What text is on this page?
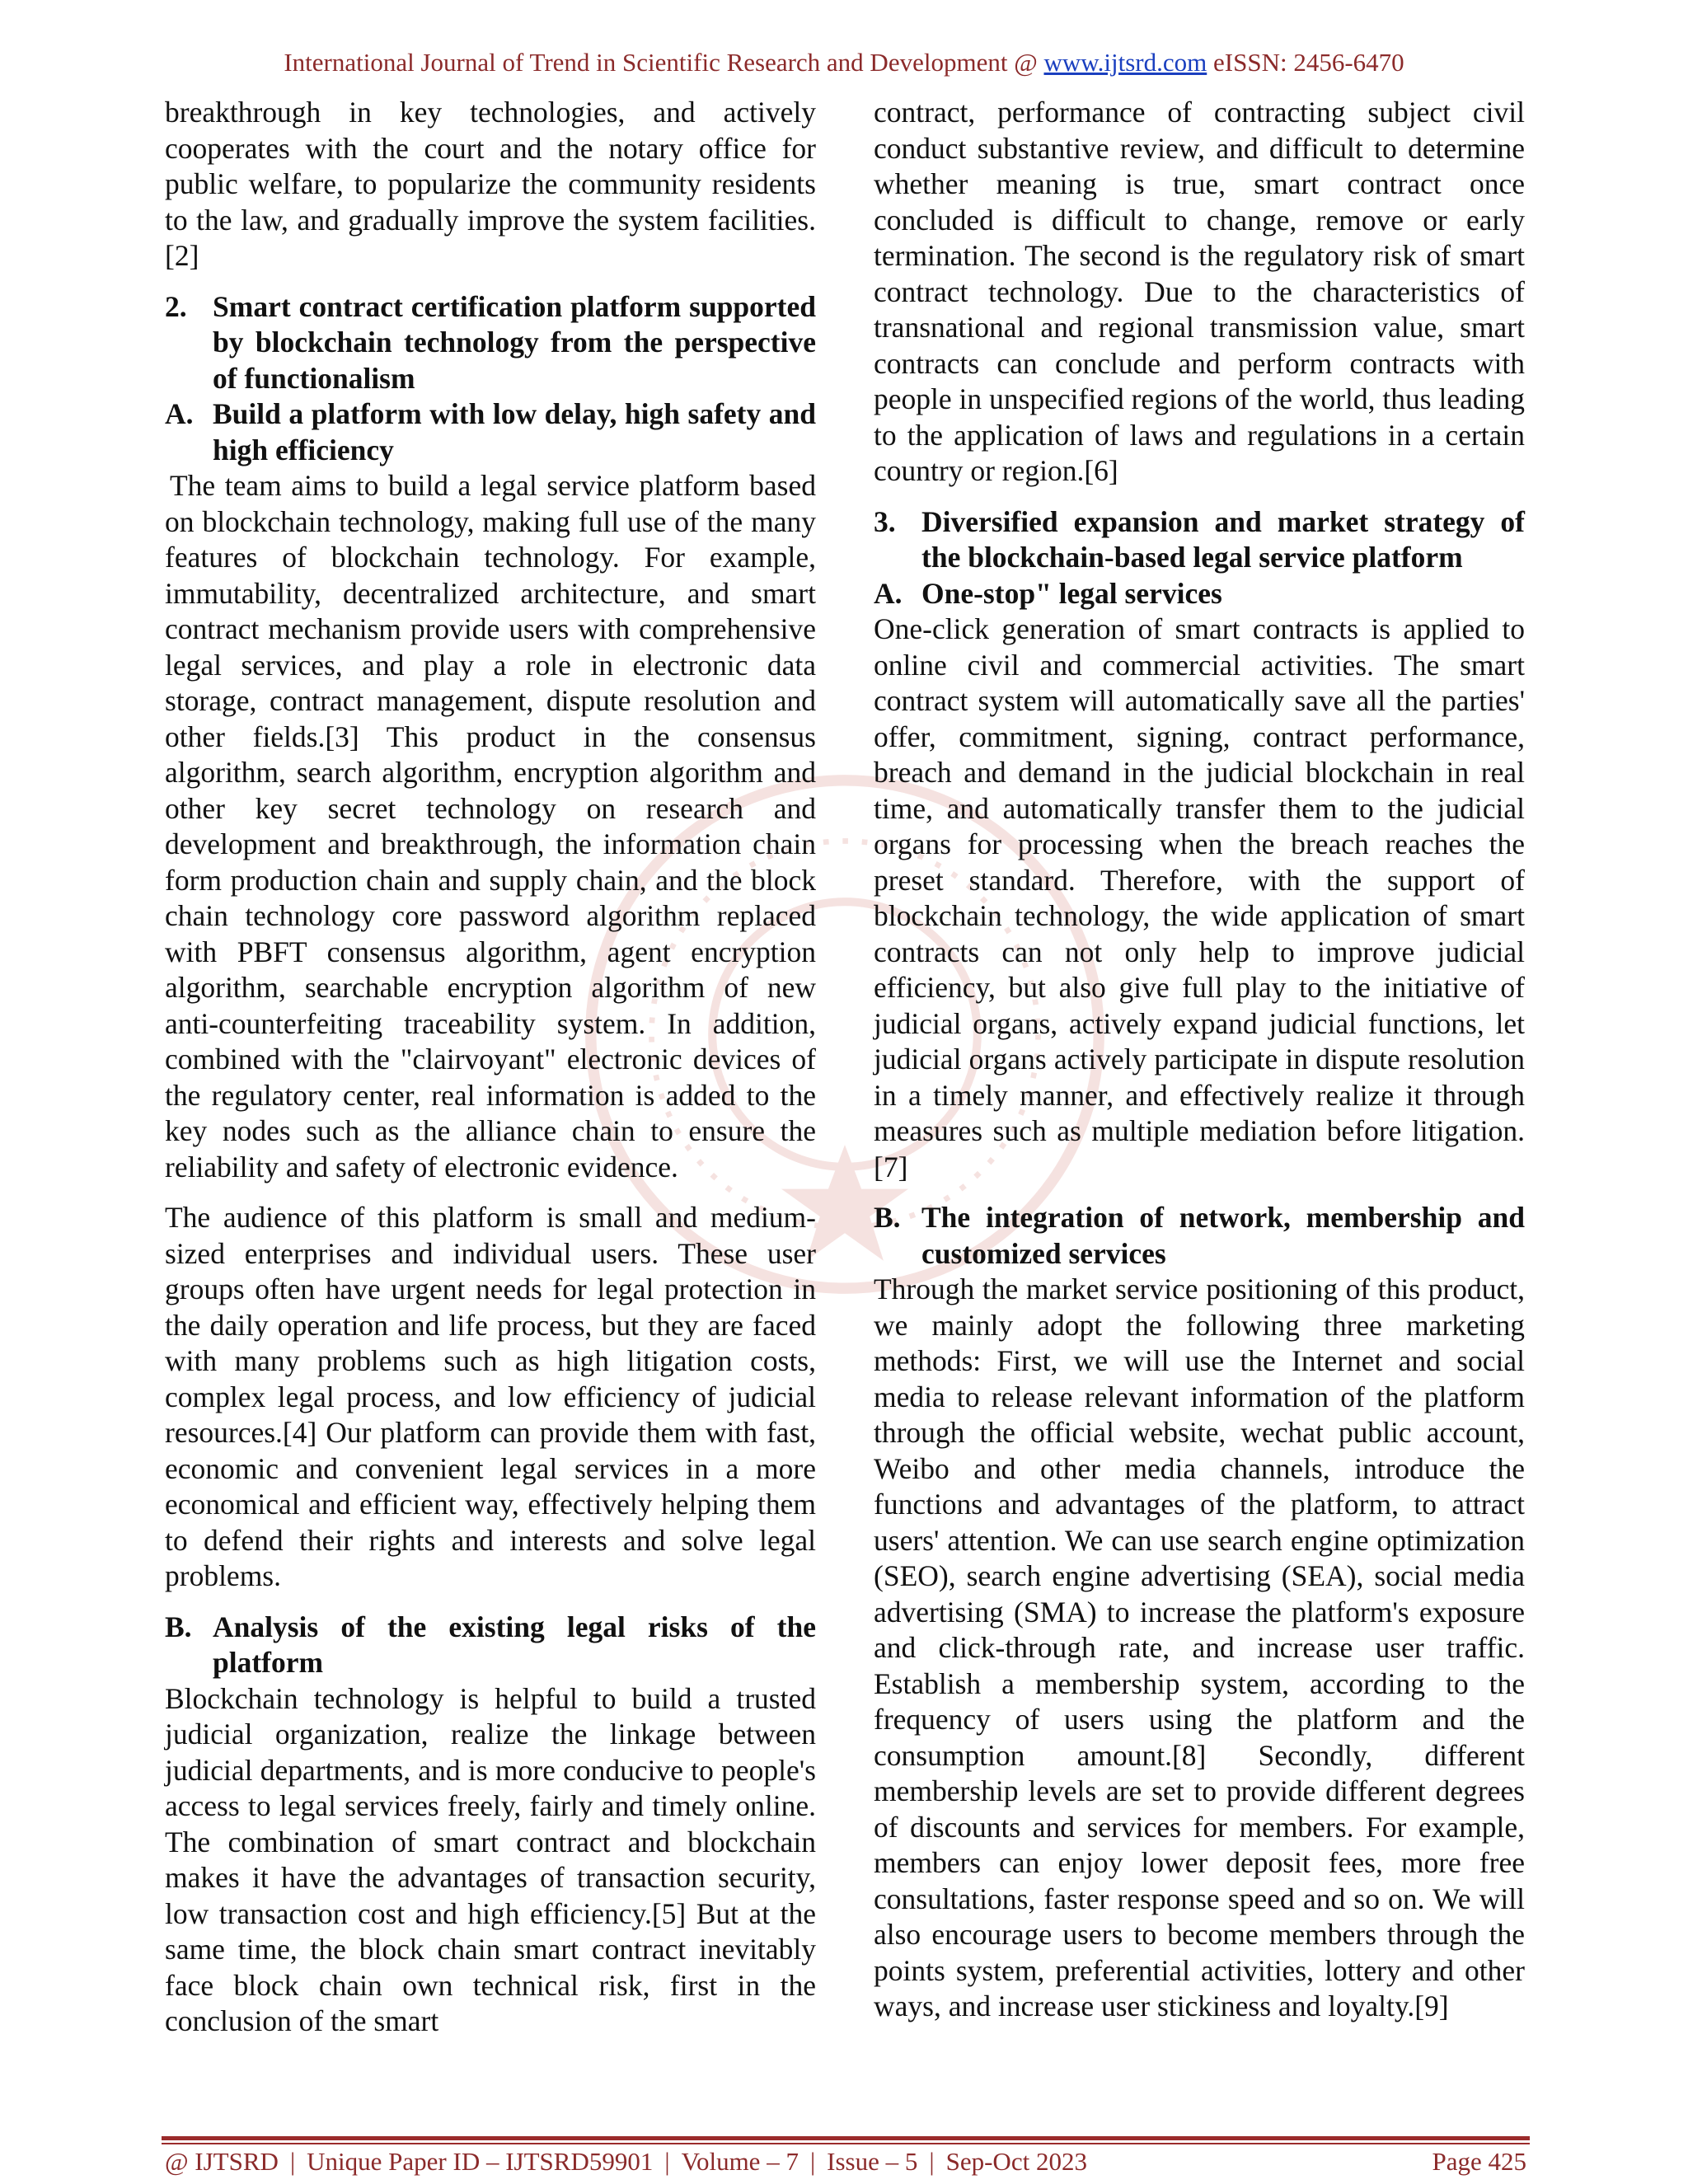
International Journal of Trend in Scientific Research and Development @ www.ijtsrd.com eISSN: 2456-6470

breakthrough in key technologies, and actively cooperates with the court and the notary office for public welfare, to popularize the community residents to the law, and gradually improve the system facilities.[2]

2. Smart contract certification platform supported by blockchain technology from the perspective of functionalism
A. Build a platform with low delay, high safety and high efficiency

The team aims to build a legal service platform based on blockchain technology, making full use of the many features of blockchain technology. For example, immutability, decentralized architecture, and smart contract mechanism provide users with comprehensive legal services, and play a role in electronic data storage, contract management, dispute resolution and other fields.[3] This product in the consensus algorithm, search algorithm, encryption algorithm and other key secret technology on research and development and breakthrough, the information chain form production chain and supply chain, and the block chain technology core password algorithm replaced with PBFT consensus algorithm, agent encryption algorithm, searchable encryption algorithm of new anti-counterfeiting traceability system. In addition, combined with the "clairvoyant" electronic devices of the regulatory center, real information is added to the key nodes such as the alliance chain to ensure the reliability and safety of electronic evidence.

The audience of this platform is small and medium-sized enterprises and individual users. These user groups often have urgent needs for legal protection in the daily operation and life process, but they are faced with many problems such as high litigation costs, complex legal process, and low efficiency of judicial resources.[4] Our platform can provide them with fast, economic and convenient legal services in a more economical and efficient way, effectively helping them to defend their rights and interests and solve legal problems.

B. Analysis of the existing legal risks of the platform

Blockchain technology is helpful to build a trusted judicial organization, realize the linkage between judicial departments, and is more conducive to people's access to legal services freely, fairly and timely online. The combination of smart contract and blockchain makes it have the advantages of transaction security, low transaction cost and high efficiency.[5] But at the same time, the block chain smart contract inevitably face block chain own technical risk, first in the conclusion of the smart

contract, performance of contracting subject civil conduct substantive review, and difficult to determine whether meaning is true, smart contract once concluded is difficult to change, remove or early termination. The second is the regulatory risk of smart contract technology. Due to the characteristics of transnational and regional transmission value, smart contracts can conclude and perform contracts with people in unspecified regions of the world, thus leading to the application of laws and regulations in a certain country or region.[6]

3. Diversified expansion and market strategy of the blockchain-based legal service platform
A. One-stop" legal services

One-click generation of smart contracts is applied to online civil and commercial activities. The smart contract system will automatically save all the parties' offer, commitment, signing, contract performance, breach and demand in the judicial blockchain in real time, and automatically transfer them to the judicial organs for processing when the breach reaches the preset standard. Therefore, with the support of blockchain technology, the wide application of smart contracts can not only help to improve judicial efficiency, but also give full play to the initiative of judicial organs, actively expand judicial functions, let judicial organs actively participate in dispute resolution in a timely manner, and effectively realize it through measures such as multiple mediation before litigation.[7]

B. The integration of network, membership and customized services

Through the market service positioning of this product, we mainly adopt the following three marketing methods: First, we will use the Internet and social media to release relevant information of the platform through the official website, wechat public account, Weibo and other media channels, introduce the functions and advantages of the platform, to attract users' attention. We can use search engine optimization (SEO), search engine advertising (SEA), social media advertising (SMA) to increase the platform's exposure and click-through rate, and increase user traffic. Establish a membership system, according to the frequency of users using the platform and the consumption amount.[8] Secondly, different membership levels are set to provide different degrees of discounts and services for members. For example, members can enjoy lower deposit fees, more free consultations, faster response speed and so on. We will also encourage users to become members through the points system, preferential activities, lottery and other ways, and increase user stickiness and loyalty.[9]

@ IJTSRD | Unique Paper ID – IJTSRD59901 | Volume – 7 | Issue – 5 | Sep-Oct 2023	Page 425
